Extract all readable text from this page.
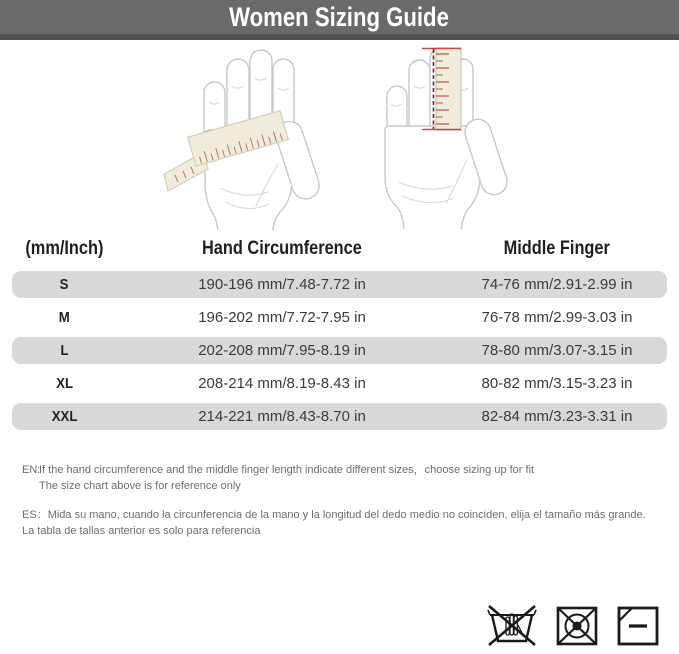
Women Sizing Guide
(mm/Inch)	Hand Circumference	Middle Finger
S	190-196 mm/7.48-7.72 in	74-76 mm/2.91-2.99 in
M	196-202 mm/7.72-7.95 in	76-78 mm/2.99-3.03 in
L	202-208 mm/7.95-8.19 in	78-80 mm/3.07-3.15 in
XL	208-214 mm/8.19-8.43 in	80-82 mm/3.15-3.23 in
XXL	214-221 mm/8.43-8.70 in	82-84 mm/3.23-3.31 in
EN:
If the hand circumference and the middle finger length indicate different sizes，choose sizing up for fit
The size chart above is for reference only
ES：Mida su mano, cuando la circunferencia de la mano y la longitud del dedo medio no coinciden, elija el tamaño más grande.
La tabla de tallas anterior es solo para referencia
